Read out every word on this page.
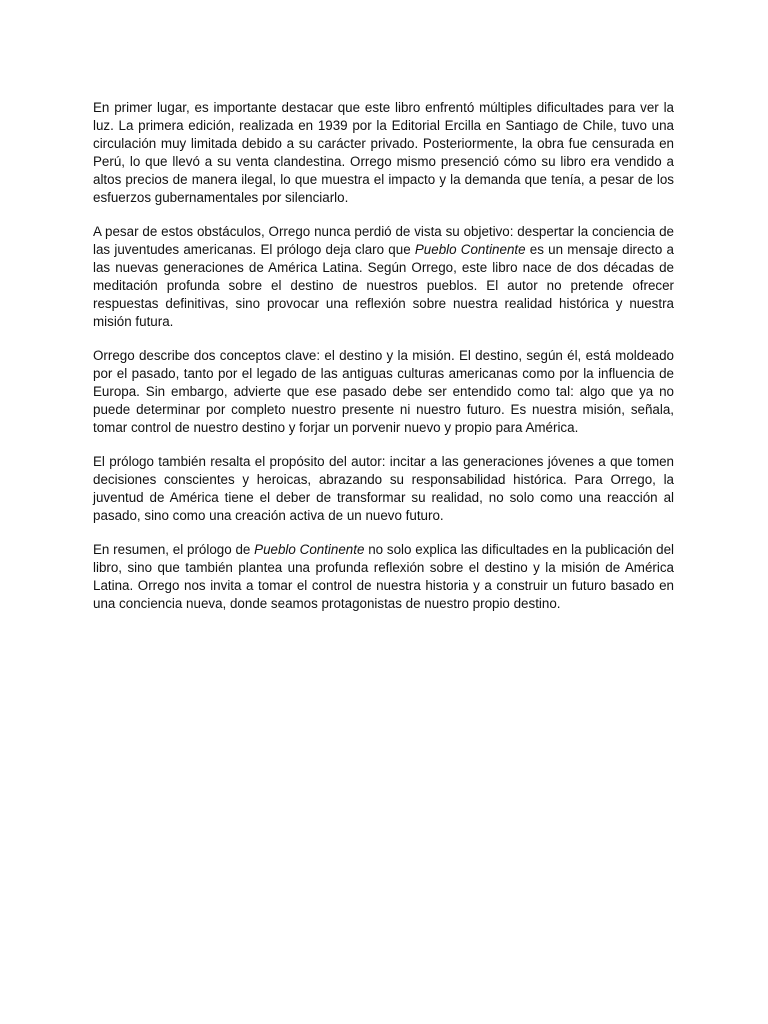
En primer lugar, es importante destacar que este libro enfrentó múltiples dificultades para ver la luz. La primera edición, realizada en 1939 por la Editorial Ercilla en Santiago de Chile, tuvo una circulación muy limitada debido a su carácter privado. Posteriormente, la obra fue censurada en Perú, lo que llevó a su venta clandestina. Orrego mismo presenció cómo su libro era vendido a altos precios de manera ilegal, lo que muestra el impacto y la demanda que tenía, a pesar de los esfuerzos gubernamentales por silenciarlo.

A pesar de estos obstáculos, Orrego nunca perdió de vista su objetivo: despertar la conciencia de las juventudes americanas. El prólogo deja claro que Pueblo Continente es un mensaje directo a las nuevas generaciones de América Latina. Según Orrego, este libro nace de dos décadas de meditación profunda sobre el destino de nuestros pueblos. El autor no pretende ofrecer respuestas definitivas, sino provocar una reflexión sobre nuestra realidad histórica y nuestra misión futura.

Orrego describe dos conceptos clave: el destino y la misión. El destino, según él, está moldeado por el pasado, tanto por el legado de las antiguas culturas americanas como por la influencia de Europa. Sin embargo, advierte que ese pasado debe ser entendido como tal: algo que ya no puede determinar por completo nuestro presente ni nuestro futuro. Es nuestra misión, señala, tomar control de nuestro destino y forjar un porvenir nuevo y propio para América.

El prólogo también resalta el propósito del autor: incitar a las generaciones jóvenes a que tomen decisiones conscientes y heroicas, abrazando su responsabilidad histórica. Para Orrego, la juventud de América tiene el deber de transformar su realidad, no solo como una reacción al pasado, sino como una creación activa de un nuevo futuro.

En resumen, el prólogo de Pueblo Continente no solo explica las dificultades en la publicación del libro, sino que también plantea una profunda reflexión sobre el destino y la misión de América Latina. Orrego nos invita a tomar el control de nuestra historia y a construir un futuro basado en una conciencia nueva, donde seamos protagonistas de nuestro propio destino.
